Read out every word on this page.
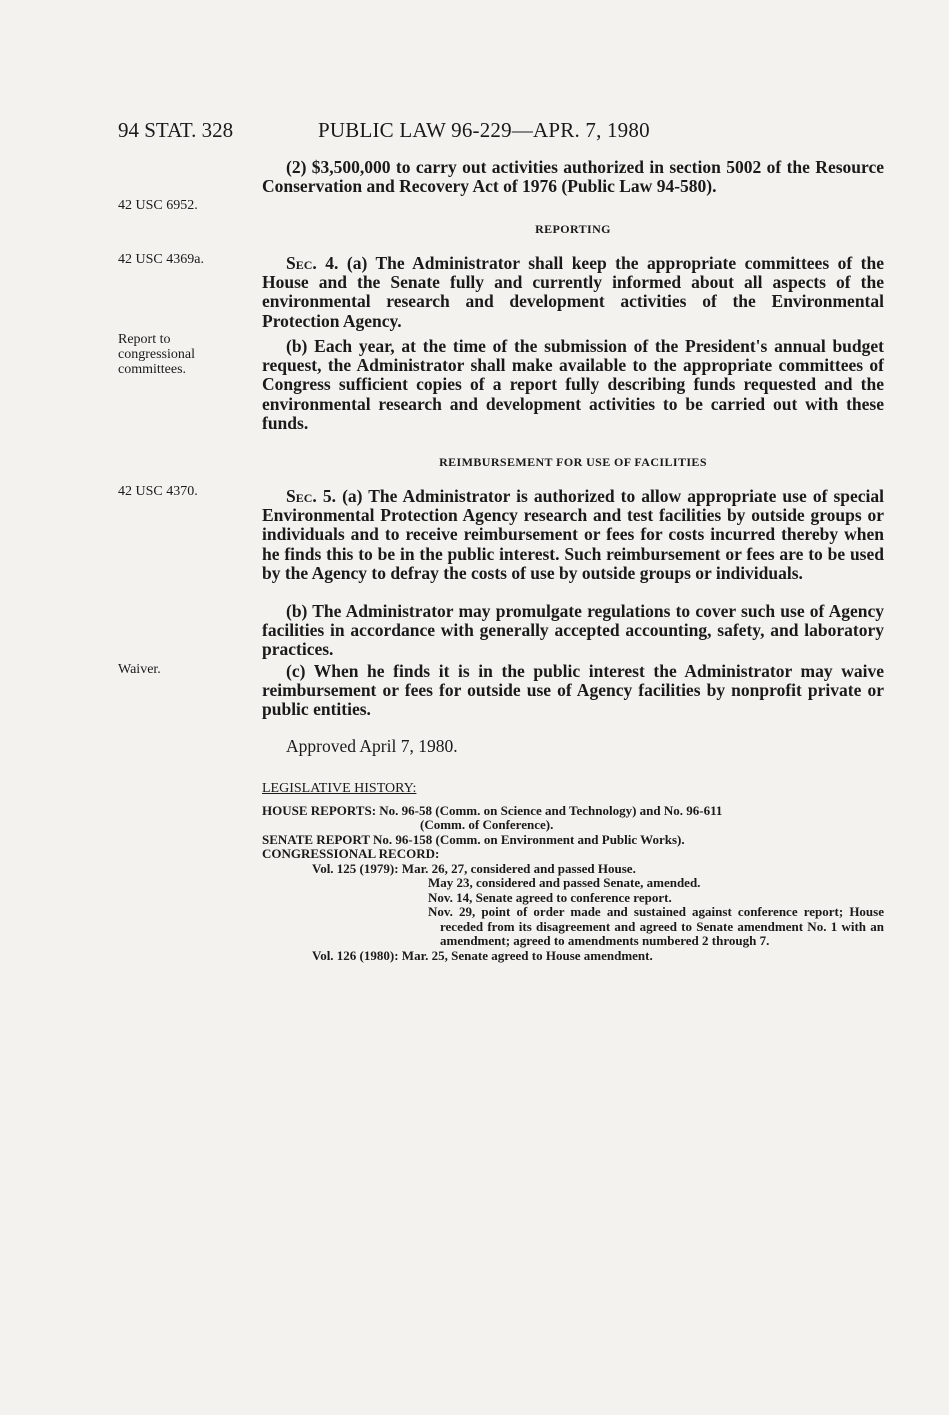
94 STAT. 328	PUBLIC LAW 96-229—APR. 7, 1980
42 USC 6952.
42 USC 4369a.
Report to
congressional
committees.
42 USC 4370.
Waiver.
(2) $3,500,000 to carry out activities authorized in section 5002 of the Resource Conservation and Recovery Act of 1976 (Public Law 94-580).
REPORTING
Sec. 4. (a) The Administrator shall keep the appropriate committees of the House and the Senate fully and currently informed about all aspects of the environmental research and development activities of the Environmental Protection Agency.
(b) Each year, at the time of the submission of the President's annual budget request, the Administrator shall make available to the appropriate committees of Congress sufficient copies of a report fully describing funds requested and the environmental research and development activities to be carried out with these funds.
REIMBURSEMENT FOR USE OF FACILITIES
Sec. 5. (a) The Administrator is authorized to allow appropriate use of special Environmental Protection Agency research and test facilities by outside groups or individuals and to receive reimbursement or fees for costs incurred thereby when he finds this to be in the public interest. Such reimbursement or fees are to be used by the Agency to defray the costs of use by outside groups or individuals.
(b) The Administrator may promulgate regulations to cover such use of Agency facilities in accordance with generally accepted accounting, safety, and laboratory practices.
(c) When he finds it is in the public interest the Administrator may waive reimbursement or fees for outside use of Agency facilities by nonprofit private or public entities.
Approved April 7, 1980.
LEGISLATIVE HISTORY:
HOUSE REPORTS: No. 96-58 (Comm. on Science and Technology) and No. 96-611
(Comm. of Conference).
SENATE REPORT No. 96-158 (Comm. on Environment and Public Works).
CONGRESSIONAL RECORD:
Vol. 125 (1979): Mar. 26, 27, considered and passed House.
May 23, considered and passed Senate, amended.
Nov. 14, Senate agreed to conference report.
Nov. 29, point of order made and sustained against conference report; House receded from its disagreement and agreed to Senate amendment No. 1 with an amendment; agreed to amendments numbered 2 through 7.
Vol. 126 (1980): Mar. 25, Senate agreed to House amendment.
